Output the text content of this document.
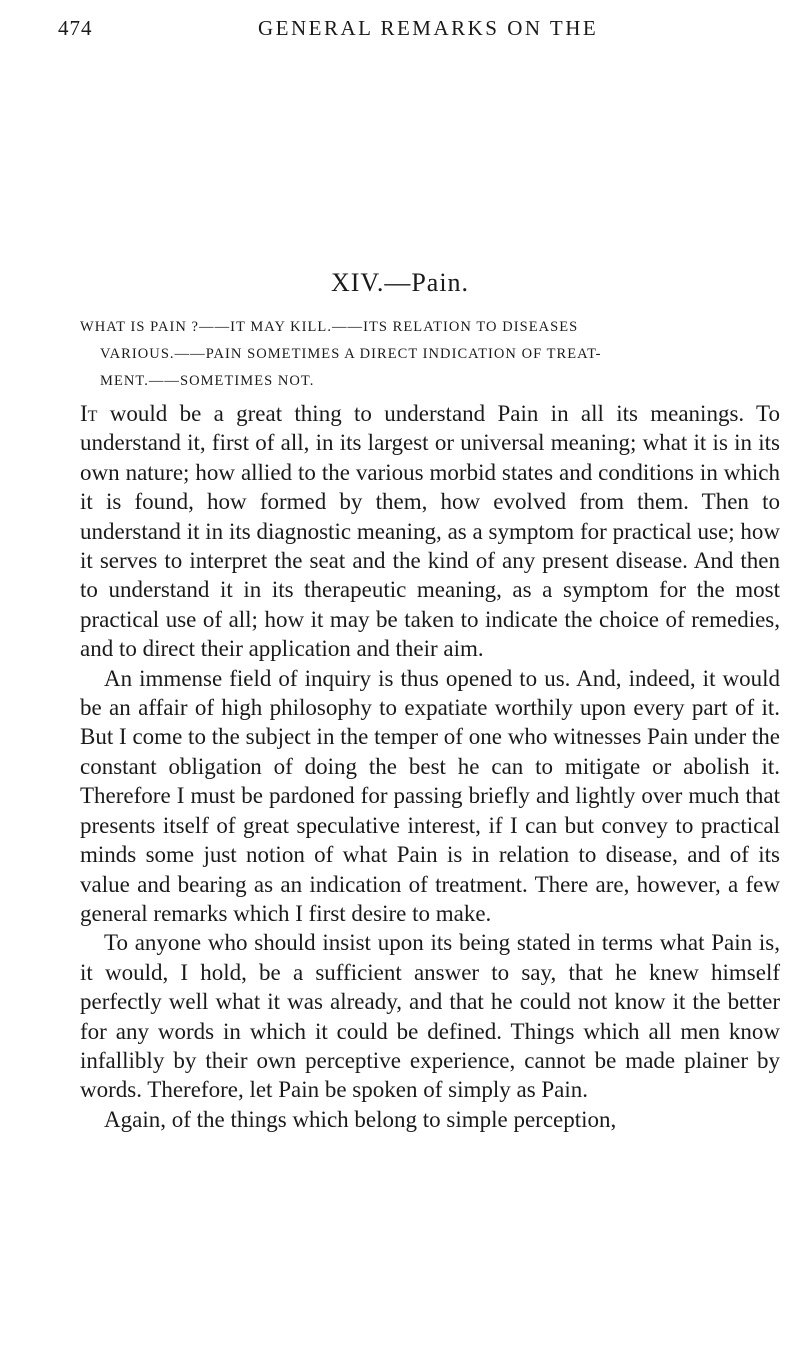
474	GENERAL REMARKS ON THE
XIV.—Pain.
WHAT IS PAIN ?——IT MAY KILL.——ITS RELATION TO DISEASES
VARIOUS.——PAIN SOMETIMES A DIRECT INDICATION OF TREAT-
MENT.——SOMETIMES NOT.

It would be a great thing to understand Pain in all its meanings. To understand it, first of all, in its largest or universal meaning; what it is in its own nature; how allied to the various morbid states and conditions in which it is found, how formed by them, how evolved from them. Then to understand it in its diagnostic meaning, as a symptom for practical use; how it serves to interpret the seat and the kind of any present disease. And then to understand it in its therapeutic meaning, as a symptom for the most practical use of all; how it may be taken to indicate the choice of remedies, and to direct their application and their aim.

An immense field of inquiry is thus opened to us. And, indeed, it would be an affair of high philosophy to expatiate worthily upon every part of it. But I come to the subject in the temper of one who witnesses Pain under the constant obligation of doing the best he can to mitigate or abolish it. Therefore I must be pardoned for passing briefly and lightly over much that presents itself of great speculative interest, if I can but convey to practical minds some just notion of what Pain is in relation to disease, and of its value and bearing as an indication of treatment. There are, however, a few general remarks which I first desire to make.

To anyone who should insist upon its being stated in terms what Pain is, it would, I hold, be a sufficient answer to say, that he knew himself perfectly well what it was already, and that he could not know it the better for any words in which it could be defined. Things which all men know infallibly by their own perceptive experience, cannot be made plainer by words. Therefore, let Pain be spoken of simply as Pain.

Again, of the things which belong to simple perception,
